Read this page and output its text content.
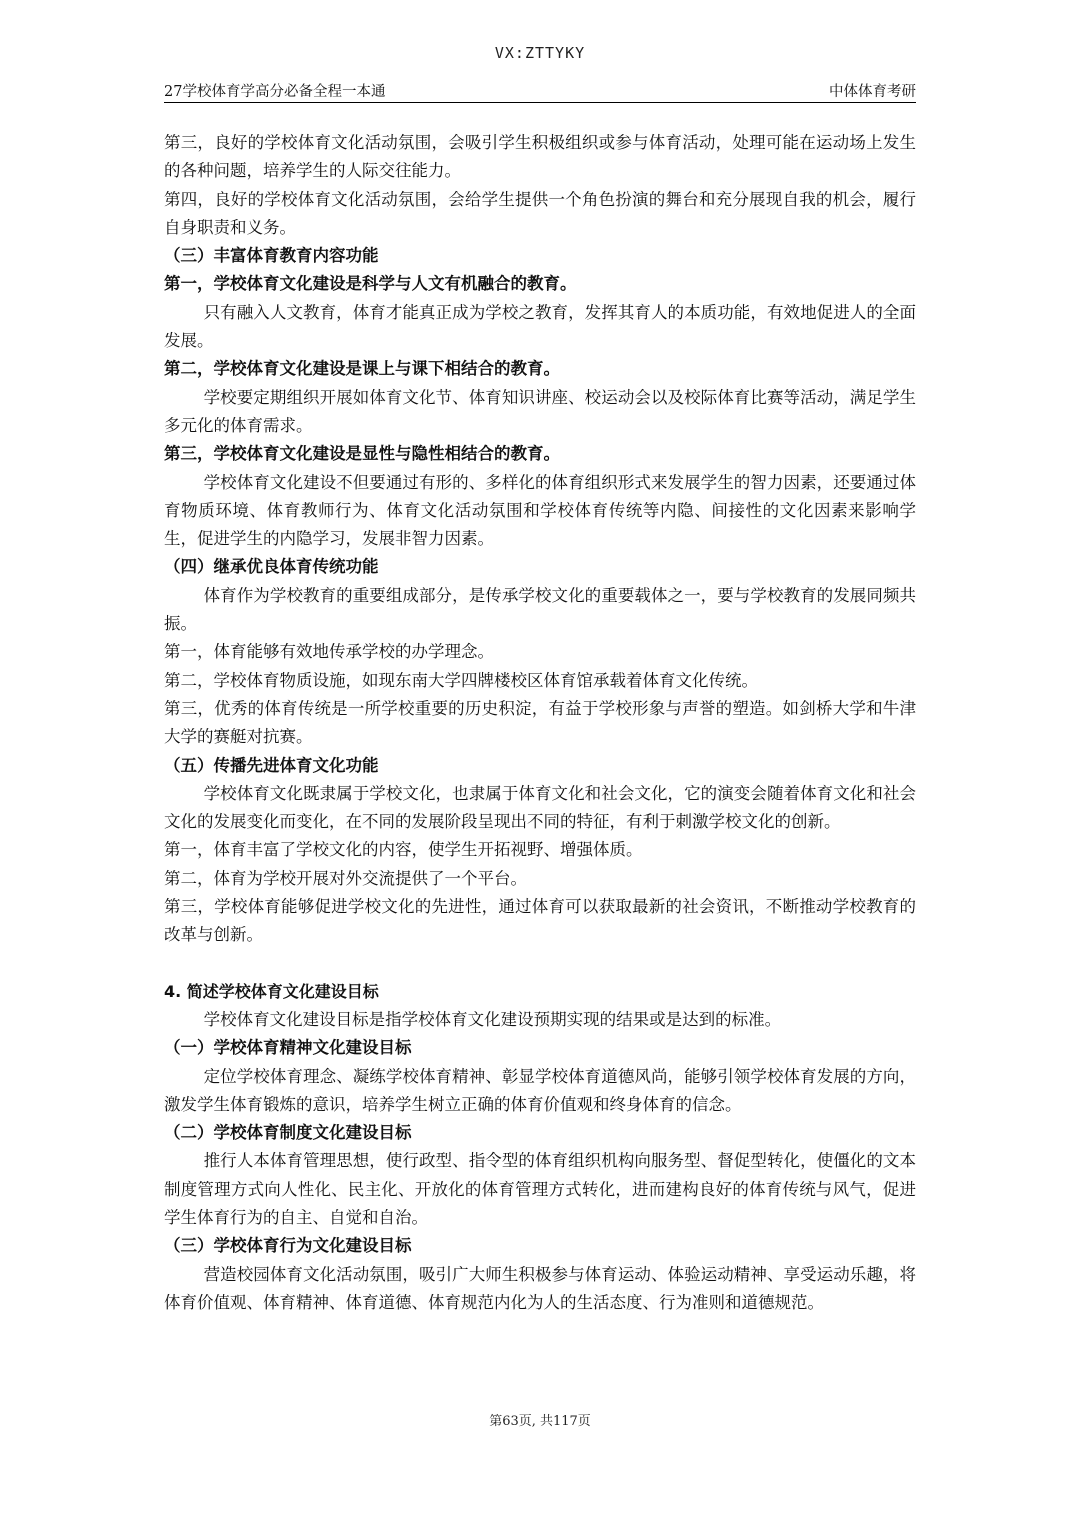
VX:ZTTYKY
27学校体育学高分必备全程一本通	中体体育考研

第三，良好的学校体育文化活动氛围，会吸引学生积极组织或参与体育活动，处理可能在运动场上发生的各种问题，培养学生的人际交往能力。

第四，良好的学校体育文化活动氛围，会给学生提供一个角色扮演的舞台和充分展现自我的机会，履行自身职责和义务。

（三）丰富体育教育内容功能

第一，学校体育文化建设是科学与人文有机融合的教育。

只有融入人文教育，体育才能真正成为学校之教育，发挥其育人的本质功能，有效地促进人的全面发展。

第二，学校体育文化建设是课上与课下相结合的教育。

学校要定期组织开展如体育文化节、体育知识讲座、校运动会以及校际体育比赛等活动，满足学生多元化的体育需求。

第三，学校体育文化建设是显性与隐性相结合的教育。

学校体育文化建设不但要通过有形的、多样化的体育组织形式来发展学生的智力因素，还要通过体育物质环境、体育教师行为、体育文化活动氛围和学校体育传统等内隐、间接性的文化因素来影响学生，促进学生的内隐学习，发展非智力因素。

（四）继承优良体育传统功能

体育作为学校教育的重要组成部分，是传承学校文化的重要载体之一，要与学校教育的发展同频共振。

第一，体育能够有效地传承学校的办学理念。

第二，学校体育物质设施，如现东南大学四牌楼校区体育馆承载着体育文化传统。

第三，优秀的体育传统是一所学校重要的历史积淀，有益于学校形象与声誉的塑造。如剑桥大学和牛津大学的赛艇对抗赛。

（五）传播先进体育文化功能

学校体育文化既隶属于学校文化，也隶属于体育文化和社会文化，它的演变会随着体育文化和社会文化的发展变化而变化，在不同的发展阶段呈现出不同的特征，有利于刺激学校文化的创新。

第一，体育丰富了学校文化的内容，使学生开拓视野、增强体质。

第二，体育为学校开展对外交流提供了一个平台。

第三，学校体育能够促进学校文化的先进性，通过体育可以获取最新的社会资讯，不断推动学校教育的改革与创新。

4. 简述学校体育文化建设目标

学校体育文化建设目标是指学校体育文化建设预期实现的结果或是达到的标准。

（一）学校体育精神文化建设目标

定位学校体育理念、凝练学校体育精神、彰显学校体育道德风尚，能够引领学校体育发展的方向，激发学生体育锻炼的意识，培养学生树立正确的体育价值观和终身体育的信念。

（二）学校体育制度文化建设目标

推行人本体育管理思想，使行政型、指令型的体育组织机构向服务型、督促型转化，使僵化的文本制度管理方式向人性化、民主化、开放化的体育管理方式转化，进而建构良好的体育传统与风气，促进学生体育行为的自主、自觉和自治。

（三）学校体育行为文化建设目标

营造校园体育文化活动氛围，吸引广大师生积极参与体育运动、体验运动精神、享受运动乐趣，将体育价值观、体育精神、体育道德、体育规范内化为人的生活态度、行为准则和道德规范。

第63页, 共117页
